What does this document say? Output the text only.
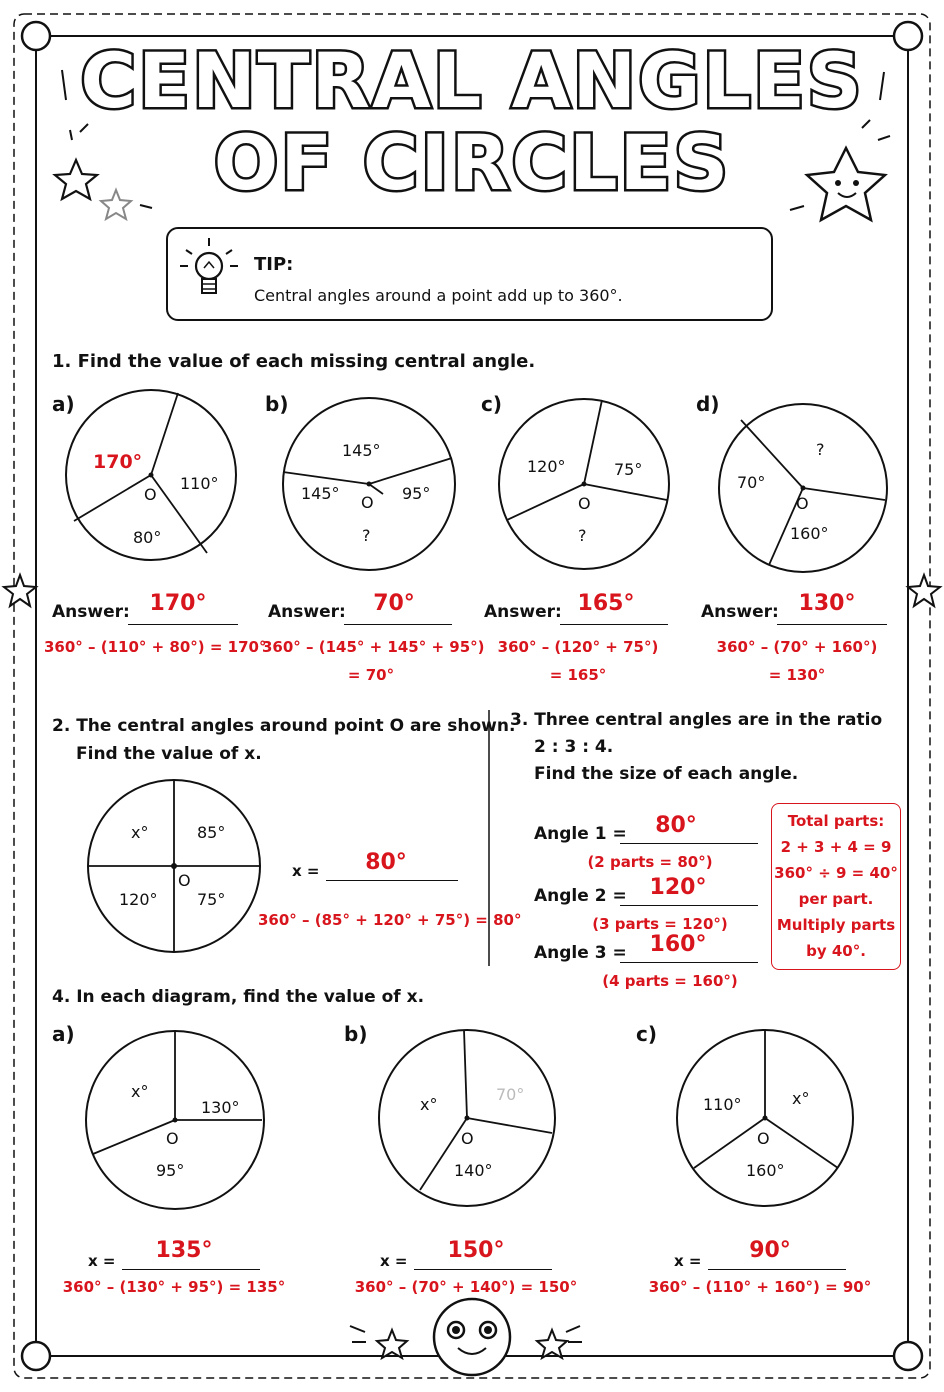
CENTRAL ANGLES
OF CIRCLES
TIP:
Central angles around a point add up to 360°.
1. Find the value of each missing central angle.
a)	b)	c)	d)
170°
110°
80°
O
145°
145°	95°
?
O
120°	75°
?
O
?
70°
160°
O
x°	85°
120° 75°
O
x°
130°
95°
O
x°
70°
140°
O
110°	x°
160°
O
Answer: 170°
360° – (110° + 80°) = 170°
Answer:	70°
360° – (145° + 145° + 95°)
= 70°
Answer: 165°
360° – (120° + 75°)
= 165°
Answer: 130°
360° – (70° + 160°)
= 130°
2. The central angles around point O are shown.
Find the value of x.
x =	80°
360° – (85° + 120° + 75°) = 80°
3. Three central angles are in the ratio
2 : 3 : 4.
Find the size of each angle.
Angle 1 =	80°
(2 parts = 80°)
Angle 2 =	120°
(3 parts = 120°)
Angle 3 =	160°
(4 parts = 160°)
Total parts:
2 + 3 + 4 = 9
360° ÷ 9 = 40°
per part.
Multiply parts
by 40°.
4. In each diagram, find the value of x.
a)	b)	c)
x =	135°
360° – (130° + 95°) = 135°
x =	150°
360° – (70° + 140°) = 150°
x =	90°
360° – (110° + 160°) = 90°
